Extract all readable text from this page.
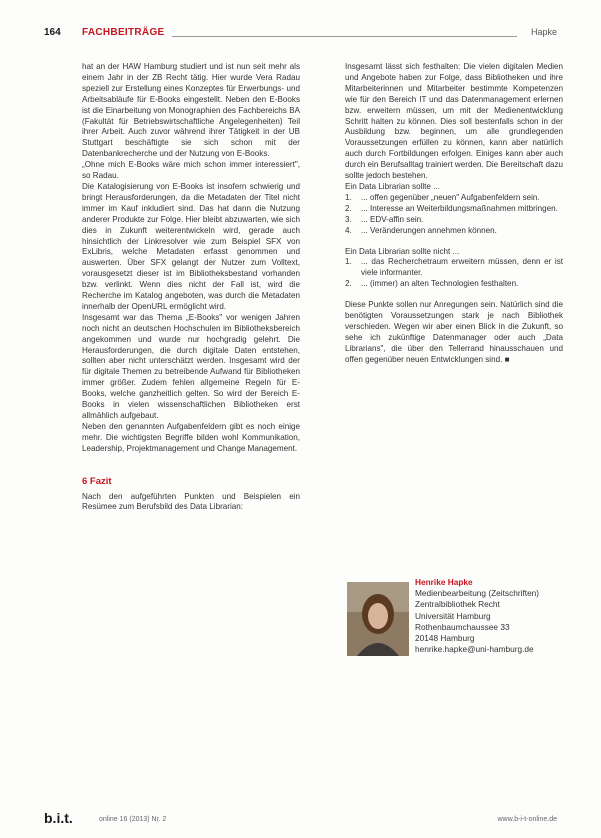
164 FACHBEITRÄGE	Hapke

hat an der HAW Hamburg studiert und ist nun seit mehr als einem Jahr in der ZB Recht tätig. Hier wurde Vera Radau speziell zur Erstellung eines Konzeptes für Erwerbungs- und Arbeitsabläufe für E-Books eingestellt. Neben den E-Books ist die Einarbeitung von Monographien des Fachbereichs BA (Fakultät für Betriebswirtschaftliche Angelegenheiten) Teil ihrer Arbeit. Auch zuvor während ihrer Tätigkeit in der UB Stuttgart beschäftigte sie sich schon mit der Datenbankrecherche und der Nutzung von E-Books.

„Ohne mich E-Books wäre mich schon immer interessiert", so Radau.

Die Katalogisierung von E-Books ist insofern schwierig und bringt Herausforderungen, da die Metadaten der Titel nicht immer im Kauf inkludiert sind. Das hat dann die Nutzung anderer Produkte zur Folge. Hier bleibt abzuwarten, wie sich dies in Zukunft weiterentwickeln wird, gerade auch hinsichtlich der Linkresolver wie zum Beispiel SFX von ExLibris, welche Metadaten erfasst genommen und auswerten. Über SFX gelangt der Nutzer zum Volltext, vorausgesetzt dieser ist im Bibliotheksbestand vorhanden bzw. verlinkt. Wenn dies nicht der Fall ist, wird die Recherche im Katalog angeboten, was durch die Metadaten innerhalb der OpenURL ermöglicht wird.

Insgesamt war das Thema „E-Books" vor wenigen Jahren noch nicht an deutschen Hochschulen im Bibliotheksbereich angekommen und wurde nur hochgradig gelehrt. Die Herausforderungen, die durch digitale Daten entstehen, sollten aber nicht unterschätzt werden. Insgesamt wird der für digitale Themen zu betreibende Aufwand für Bibliotheken immer größer. Zudem fehlen allgemeine Regeln für E-Books, welche ganzheitlich gelten. So wird der Bereich E-Books in vielen wissenschaftlichen Bibliotheken erst allmählich aufgebaut.

Neben den genannten Aufgabenfeldern gibt es noch einige mehr. Die wichtigsten Begriffe bilden wohl Kommunikation, Leadership, Projektmanagement und Change Management.

6 Fazit

Nach den aufgeführten Punkten und Beispielen ein Resümee zum Berufsbild des Data Librarian:

Insgesamt lässt sich festhalten: Die vielen digitalen Medien und Angebote haben zur Folge, dass Bibliotheken und ihre Mitarbeiterinnen und Mitarbeiter bestimmte Kompetenzen wie für den Bereich IT und das Datenmanagement erlernen bzw. erweitern müssen, um mit der Medienentwicklung Schritt halten zu können. Dies soll bestenfalls schon in der Ausbildung bzw. beginnen, um alle grundlegenden Voraussetzungen erfüllen zu können, kann aber natürlich auch durch Fortbildungen erfolgen. Einiges kann aber auch durch ein Berufsalltag trainiert werden. Die Bereitschaft dazu sollte jedoch bestehen.

Ein Data Librarian sollte ...

1. ... offen gegenüber „neuen" Aufgabenfeldern sein.
2. ... Interesse an Weiterbildungsmaßnahmen mitbringen.
3. ... EDV-affin sein.
4. ... Veränderungen annehmen können.

Ein Data Librarian sollte nicht ...

1. ... das Recherchetraum erweitern müssen, denn er ist viele informanter.
2. ... (immer) an alten Technologien festhalten.

Diese Punkte sollen nur Anregungen sein. Natürlich sind die benötigten Voraussetzungen stark je nach Bibliothek verschieden. Wegen wir aber einen Blick in die Zukunft, so sehe ich zukünftige Datenmanager oder auch „Data Librarians", die über den Tellerrand hinausschauen und offen gegenüber neuen Entwicklungen sind. ■

Henrike Hapke
Medienbearbeitung (Zeitschriften)
Zentralbibliothek Recht
Universität Hamburg
Rothenbaumchaussee 33
20148 Hamburg
henrike.hapke@uni-hamburg.de
b.i.t.	online 16 (2013) Nr. 2	www.b-i-t-online.de
